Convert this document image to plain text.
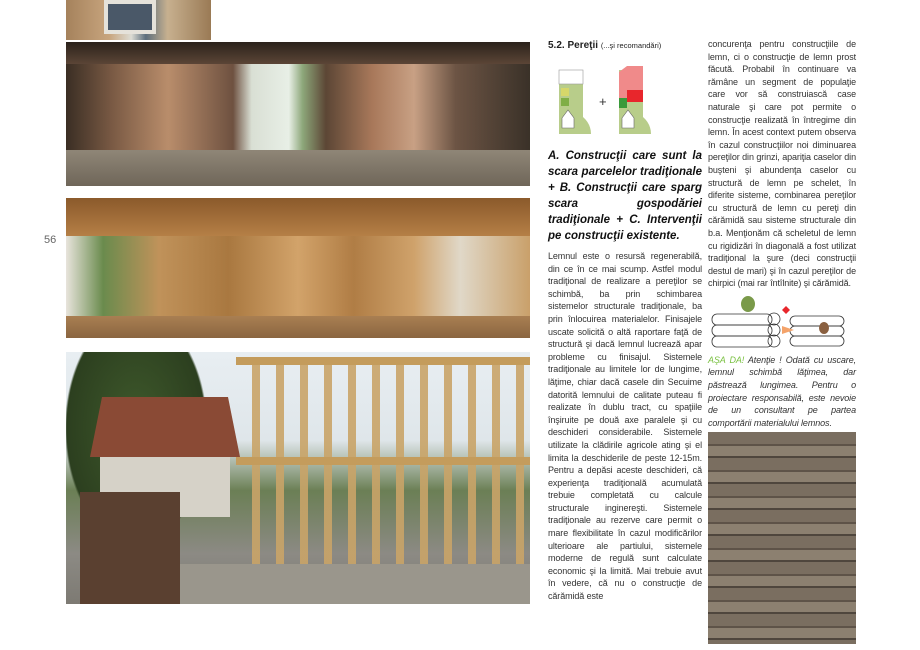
56
5.2. Pereţii (...şi recomandări)
+
A. Construcţii care sunt la scara parcelelor tradiţionale + B. Construcţii care sparg scara gospodăriei tradiţionale + C. Intervenţii pe construcţii existente.

Lemnul este o resursă regenerabilă, din ce în ce mai scump. Astfel modul tradiţional de realizare a pereţilor se schimbă, ba prin schimbarea sistemelor structurale tradiţionale, ba prin înlocuirea materialelor. Finisajele uscate solicită o altă raportare faţă de structură şi dacă lemnul lucrează apar probleme cu finisajul. Sistemele tradiţionale au limitele lor de lungime, lăţime, chiar dacă casele din Secuime datorită lemnului de calitate puteau fi realizate în dublu tract, cu spaţiile înşiruite pe două axe paralele şi cu deschideri considerabile. Sistemele utilizate la clădirile agricole ating şi el limita la deschiderile de peste 12-15m. Pentru a depăsi aceste deschideri, că experienţa tradiţională acumulată trebuie completată cu calcule structurale inginereşti. Sistemele tradiţionale au rezerve care permit o mare flexibilitate în cazul modificărilor ulterioare ale partiului, sistemele moderne de regulă sunt calculate economic şi la limită. Mai trebuie avut în vedere, că nu o construcţie de cărămidă este

concurenţa pentru construcţiile de lemn, ci o construcţie de lemn prost făcută. Probabil în continuare va rămâne un segment de populaţie care vor să construiască case naturale şi care pot permite o construcţie realizată în întregime din lemn. În acest context putem observa în cazul construcţiilor noi diminuarea pereţilor din grinzi, apariţia caselor din buşteni şi abundenţa caselor cu structură de lemn pe schelet, în diferite sisteme, combinarea pereţilor cu structură de lemn cu pereţi din cărămidă sau sisteme structurale din b.a. Menţionăm că scheletul de lemn cu rigidizări în diagonală a fost utilizat tradiţional la şure (deci construcţii destul de mari) şi în cazul pereţilor de chirpici (mai rar întîlnite) şi cărămidă.

AŞA DA! Atenţie ! Odată cu uscare, lemnul schimbă lăţimea, dar păstrează lungimea. Pentru o proiectare responsabilă, este nevoie de un consultant pe partea comportării materialului lemnos.
